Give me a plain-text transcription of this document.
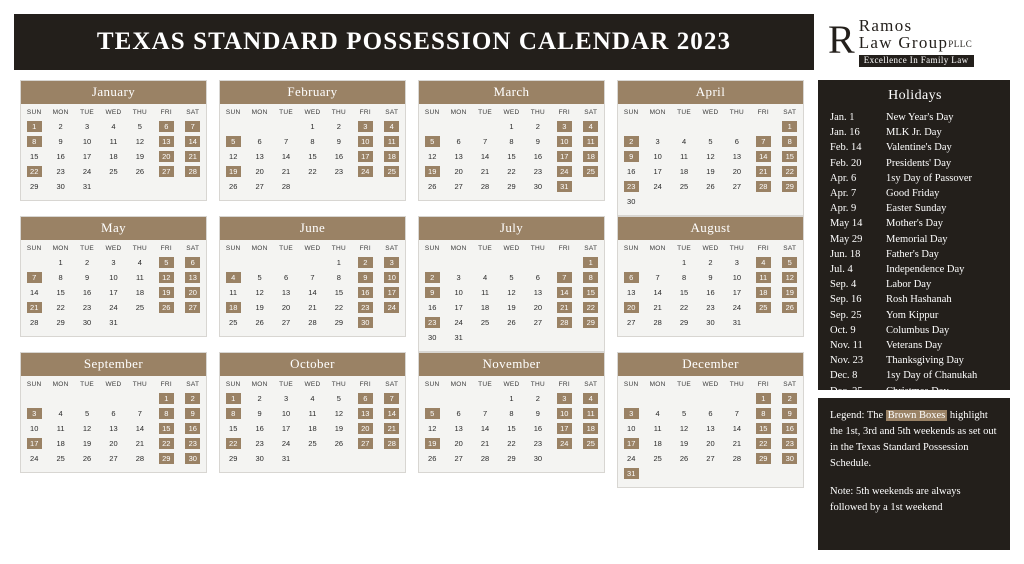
TEXAS STANDARD POSSESSION CALENDAR 2023 R Ramos
Law GroupPLLC
Excellence In Family Law
January
SUN	MON	TUE	WED	THU	FRI	SAT
1	2	3	4	5	6	7
8	9	10	11	12	13	14
15	16	17	18	19	20	21
22	23	24	25	26	27	28
29	30	31				
February
SUN	MON	TUE	WED	THU	FRI	SAT
			1	2	3	4
5	6	7	8	9	10	11
12	13	14	15	16	17	18
19	20	21	22	23	24	25
26	27	28				
March
SUN	MON	TUE	WED	THU	FRI	SAT
			1	2	3	4
5	6	7	8	9	10	11
12	13	14	15	16	17	18
19	20	21	22	23	24	25
26	27	28	29	30	31	
April
SUN	MON	TUE	WED	THU	FRI	SAT
						1
2	3	4	5	6	7	8
9	10	11	12	13	14	15
16	17	18	19	20	21	22
23	24	25	26	27	28	29
30						
May
SUN	MON	TUE	WED	THU	FRI	SAT
	1	2	3	4	5	6
7	8	9	10	11	12	13
14	15	16	17	18	19	20
21	22	23	24	25	26	27
28	29	30	31			
June
SUN	MON	TUE	WED	THU	FRI	SAT
				1	2	3
4	5	6	7	8	9	10
11	12	13	14	15	16	17
18	19	20	21	22	23	24
25	26	27	28	29	30	
July
SUN	MON	TUE	WED	THU	FRI	SAT
						1
2	3	4	5	6	7	8
9	10	11	12	13	14	15
16	17	18	19	20	21	22
23	24	25	26	27	28	29
30	31					
August
SUN	MON	TUE	WED	THU	FRI	SAT
		1	2	3	4	5
6	7	8	9	10	11	12
13	14	15	16	17	18	19
20	21	22	23	24	25	26
27	28	29	30	31		
September
SUN	MON	TUE	WED	THU	FRI	SAT
					1	2
3	4	5	6	7	8	9
10	11	12	13	14	15	16
17	18	19	20	21	22	23
24	25	26	27	28	29	30
October
SUN	MON	TUE	WED	THU	FRI	SAT
1	2	3	4	5	6	7
8	9	10	11	12	13	14
15	16	17	18	19	20	21
22	23	24	25	26	27	28
29	30	31				
November
SUN	MON	TUE	WED	THU	FRI	SAT
			1	2	3	4
5	6	7	8	9	10	11
12	13	14	15	16	17	18
19	20	21	22	23	24	25
26	27	28	29	30		
December
SUN	MON	TUE	WED	THU	FRI	SAT
					1	2
3	4	5	6	7	8	9
10	11	12	13	14	15	16
17	18	19	20	21	22	23
24	25	26	27	28	29	30
31						
Holidays
Jan. 1	New Year's Day
Jan. 16	MLK Jr. Day
Feb. 14	Valentine's Day
Feb. 20	Presidents' Day
Apr. 6	1sy Day of Passover
Apr. 7	Good Friday
Apr. 9	Easter Sunday
May 14	Mother's Day
May 29	Memorial Day
Jun. 18	Father's Day
Jul. 4	Independence Day
Sep. 4	Labor Day
Sep. 16	Rosh Hashanah
Sep. 25	Yom Kippur
Oct. 9	Columbus Day
Nov. 11	Veterans Day
Nov. 23	Thanksgiving Day
Dec. 8	1sy Day of Chanukah
Dec. 25	Christmas Day
Legend: The Brown Boxes highlight the 1st, 3rd and 5th weekends as set out in the Texas Standard Possession Schedule.
Note: 5th weekends are always followed by a 1st weekend
